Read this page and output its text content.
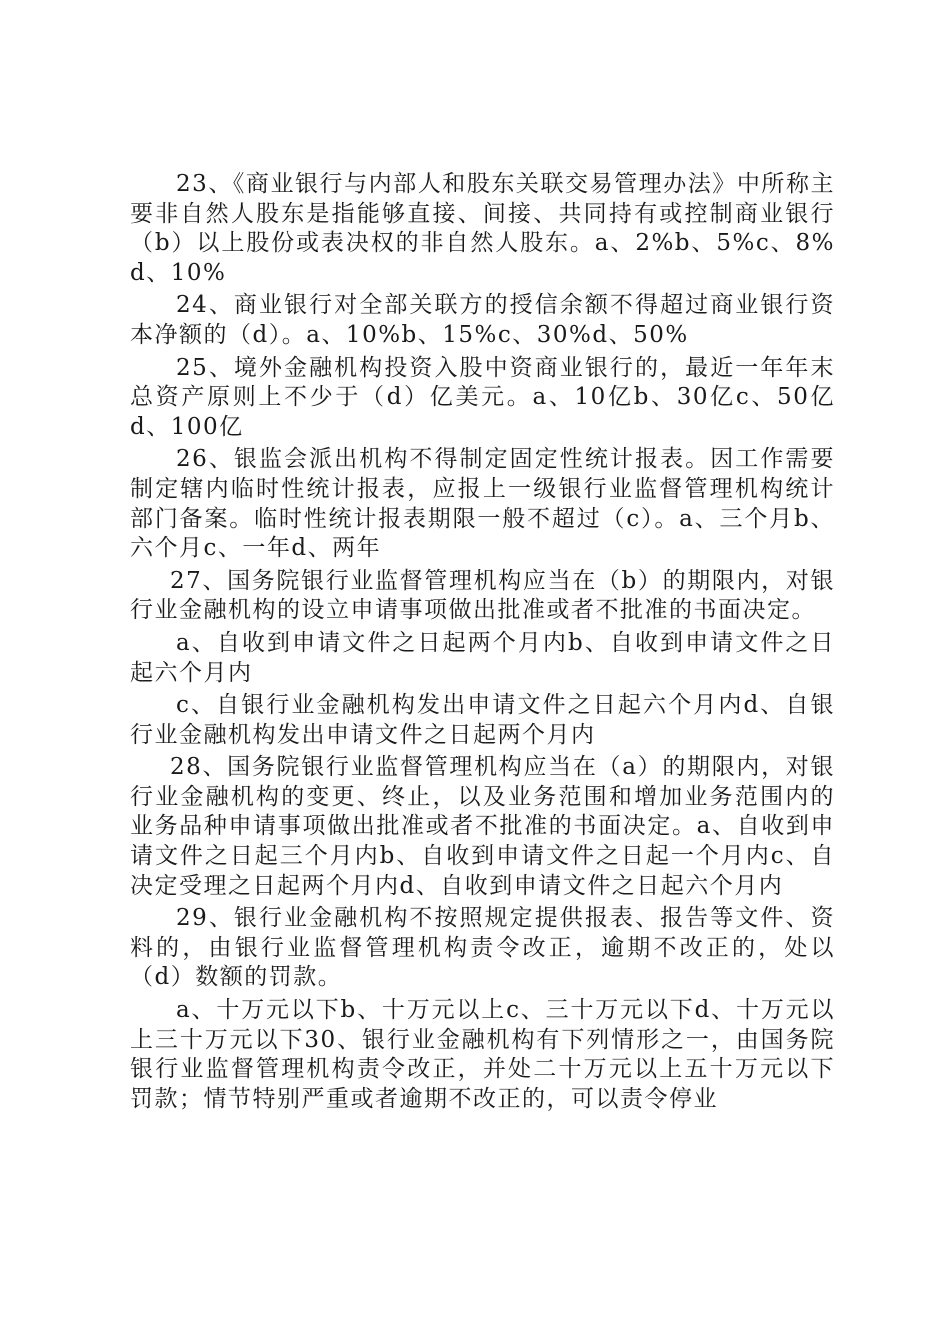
23、《商业银行与内部人和股东关联交易管理办法》中所称主要非自然人股东是指能够直接、间接、共同持有或控制商业银行（b）以上股份或表决权的非自然人股东。a、2%b、5%c、8%d、10%

24、商业银行对全部关联方的授信余额不得超过商业银行资本净额的（d）。a、10%b、15%c、30%d、50%

25、境外金融机构投资入股中资商业银行的，最近一年年末总资产原则上不少于（d）亿美元。a、10亿b、30亿c、50亿d、100亿

26、银监会派出机构不得制定固定性统计报表。因工作需要制定辖内临时性统计报表，应报上一级银行业监督管理机构统计部门备案。临时性统计报表期限一般不超过（c）。a、三个月b、六个月c、一年d、两年

27、国务院银行业监督管理机构应当在（b）的期限内，对银行业金融机构的设立申请事项做出批准或者不批准的书面决定。

a、自收到申请文件之日起两个月内b、自收到申请文件之日起六个月内

c、自银行业金融机构发出申请文件之日起六个月内d、自银行业金融机构发出申请文件之日起两个月内

28、国务院银行业监督管理机构应当在（a）的期限内，对银行业金融机构的变更、终止，以及业务范围和增加业务范围内的业务品种申请事项做出批准或者不批准的书面决定。a、自收到申请文件之日起三个月内b、自收到申请文件之日起一个月内c、自决定受理之日起两个月内d、自收到申请文件之日起六个月内

29、银行业金融机构不按照规定提供报表、报告等文件、资料的，由银行业监督管理机构责令改正，逾期不改正的，处以（d）数额的罚款。

a、十万元以下b、十万元以上c、三十万元以下d、十万元以上三十万元以下30、银行业金融机构有下列情形之一，由国务院银行业监督管理机构责令改正，并处二十万元以上五十万元以下罚款；情节特别严重或者逾期不改正的，可以责令停业
